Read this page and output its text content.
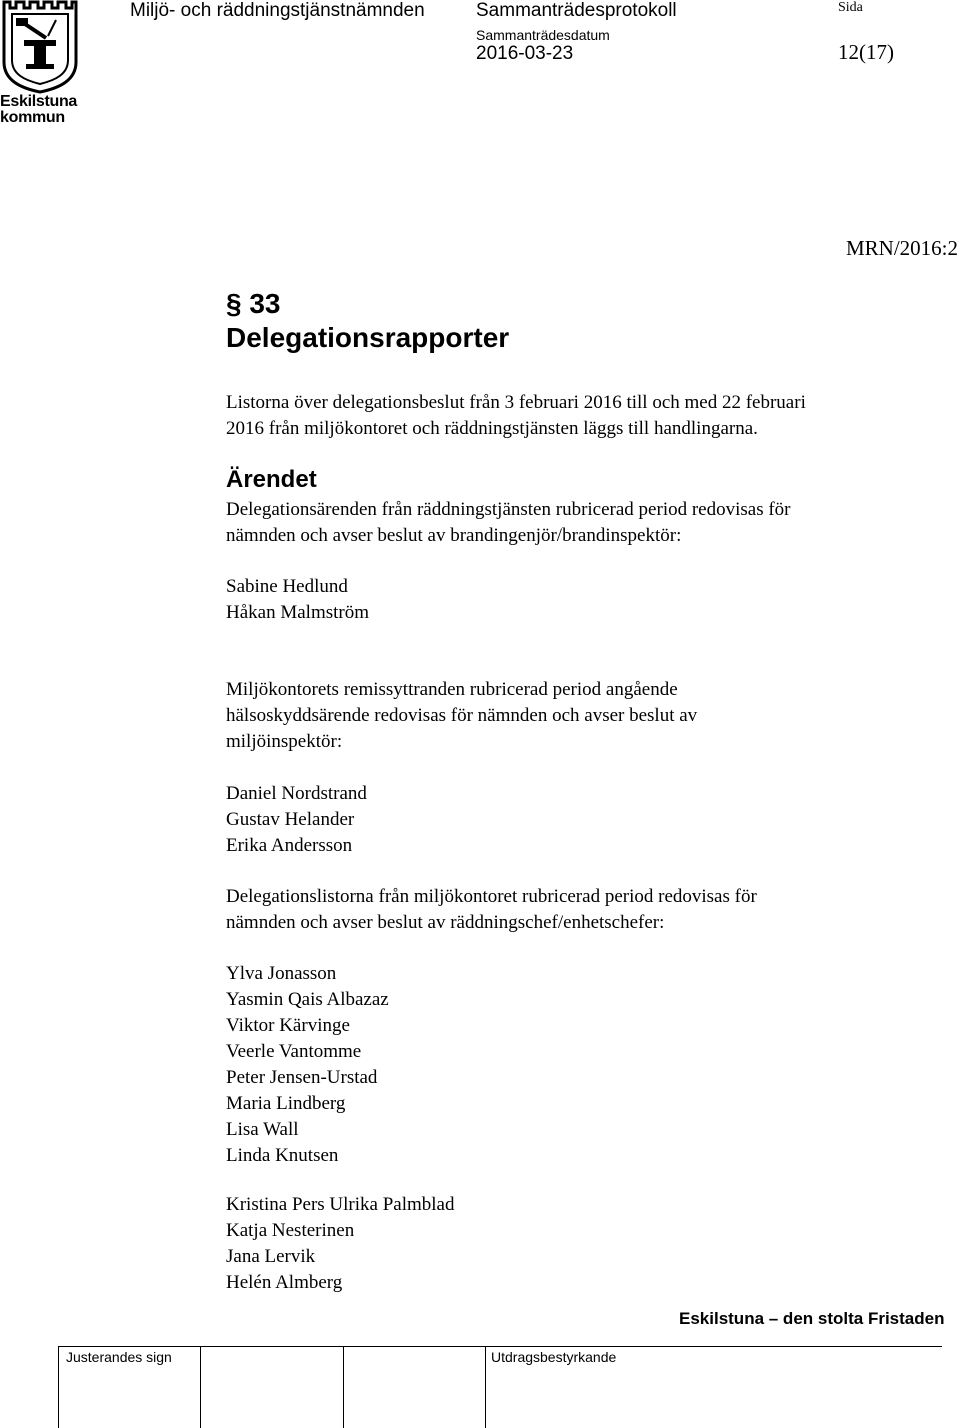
Eskilstuna
kommun
Miljö- och räddningstjänstnämnden	Sammanträdesprotokoll
Sammanträdesdatum
2016-03-23
Sida
12(17)
MRN/2016:2
§ 33
Delegationsrapporter
Listorna över delegationsbeslut från 3 februari 2016 till och med 22 februari
2016 från miljökontoret och räddningstjänsten läggs till handlingarna.
Ärendet
Delegationsärenden från räddningstjänsten rubricerad period redovisas för
nämnden och avser beslut av brandingenjör/brandinspektör:
Sabine Hedlund
Håkan Malmström
Miljökontorets remissyttranden rubricerad period angående
hälsoskyddsärende redovisas för nämnden och avser beslut av
miljöinspektör:
Daniel Nordstrand
Gustav Helander
Erika Andersson
Delegationslistorna från miljökontoret rubricerad period redovisas för
nämnden och avser beslut av räddningschef/enhetschefer:
Ylva Jonasson
Yasmin Qais Albazaz
Viktor Kärvinge
Veerle Vantomme
Peter Jensen-Urstad
Maria Lindberg
Lisa Wall
Linda Knutsen
Kristina Pers Ulrika Palmblad
Katja Nesterinen
Jana Lervik
Helén Almberg
Eskilstuna – den stolta Fristaden
Justerandes sign	Utdragsbestyrkande
